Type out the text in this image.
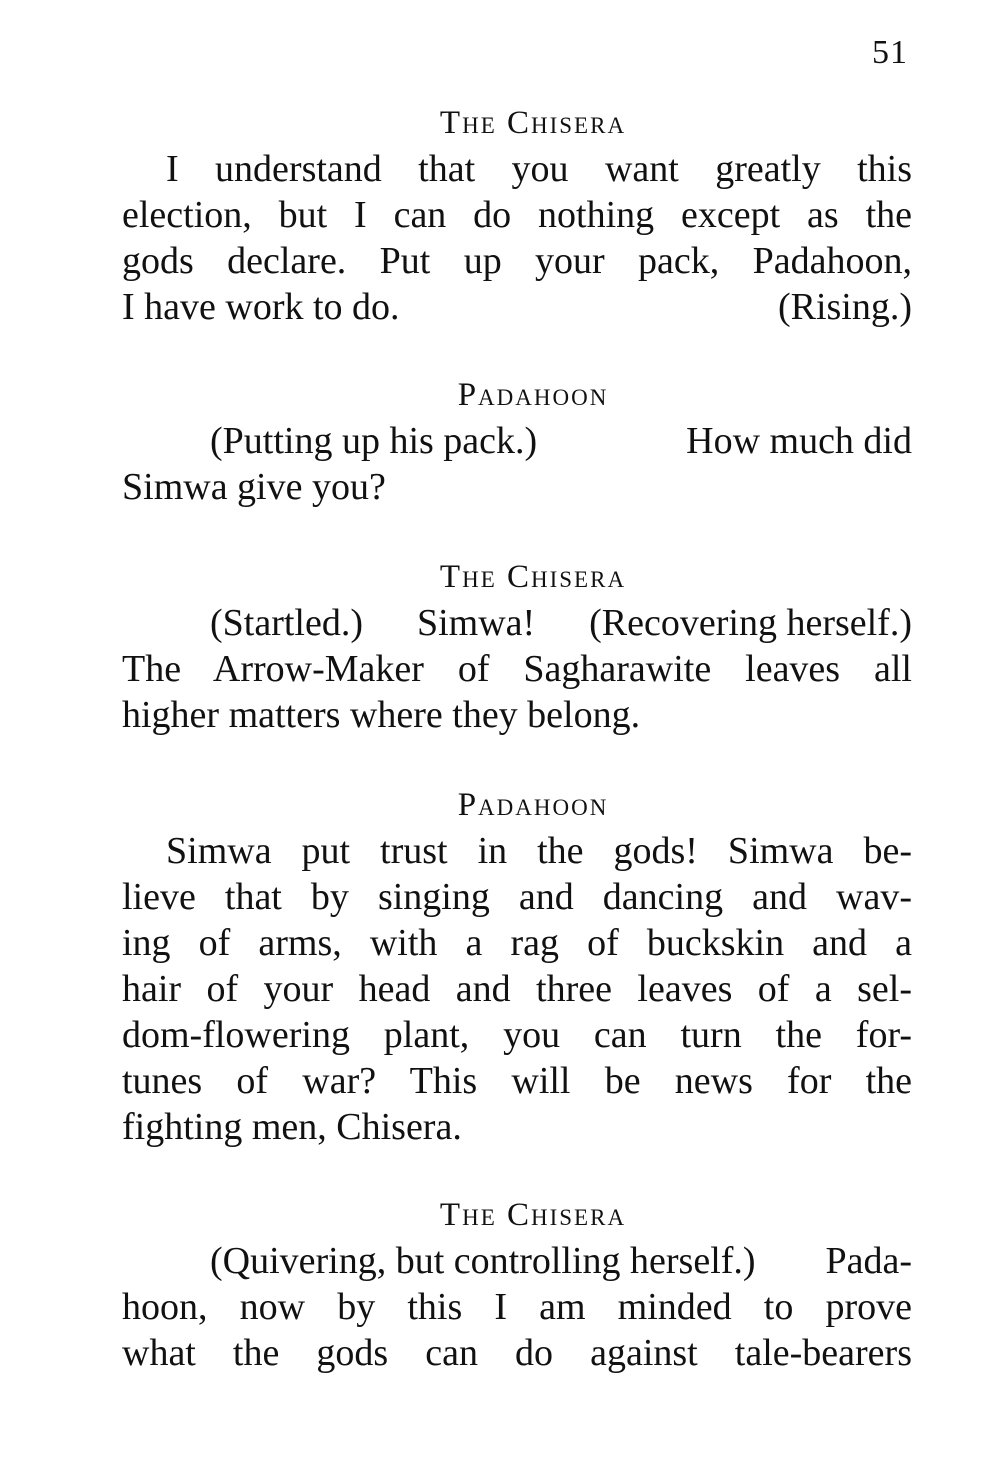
51
The Chisera
I understand that you want greatly this
election, but I can do nothing except as the
gods declare. Put up your pack, Padahoon,
I have work to do.	(Rising.)
Padahoon
(Putting up his pack.)	How much did
Simwa give you?
The Chisera
(Startled.)	Simwa!	(Recovering herself.)
The Arrow-Maker of Sagharawite leaves all
higher matters where they belong.
Padahoon
Simwa put trust in the gods! Simwa be-
lieve that by singing and dancing and wav-
ing of arms, with a rag of buckskin and a
hair of your head and three leaves of a sel-
dom-flowering plant, you can turn the for-
tunes of war? This will be news for the
fighting men, Chisera.
The Chisera
(Quivering, but controlling herself.)	Pada-
hoon, now by this I am minded to prove
what the gods can do against tale-bearers
